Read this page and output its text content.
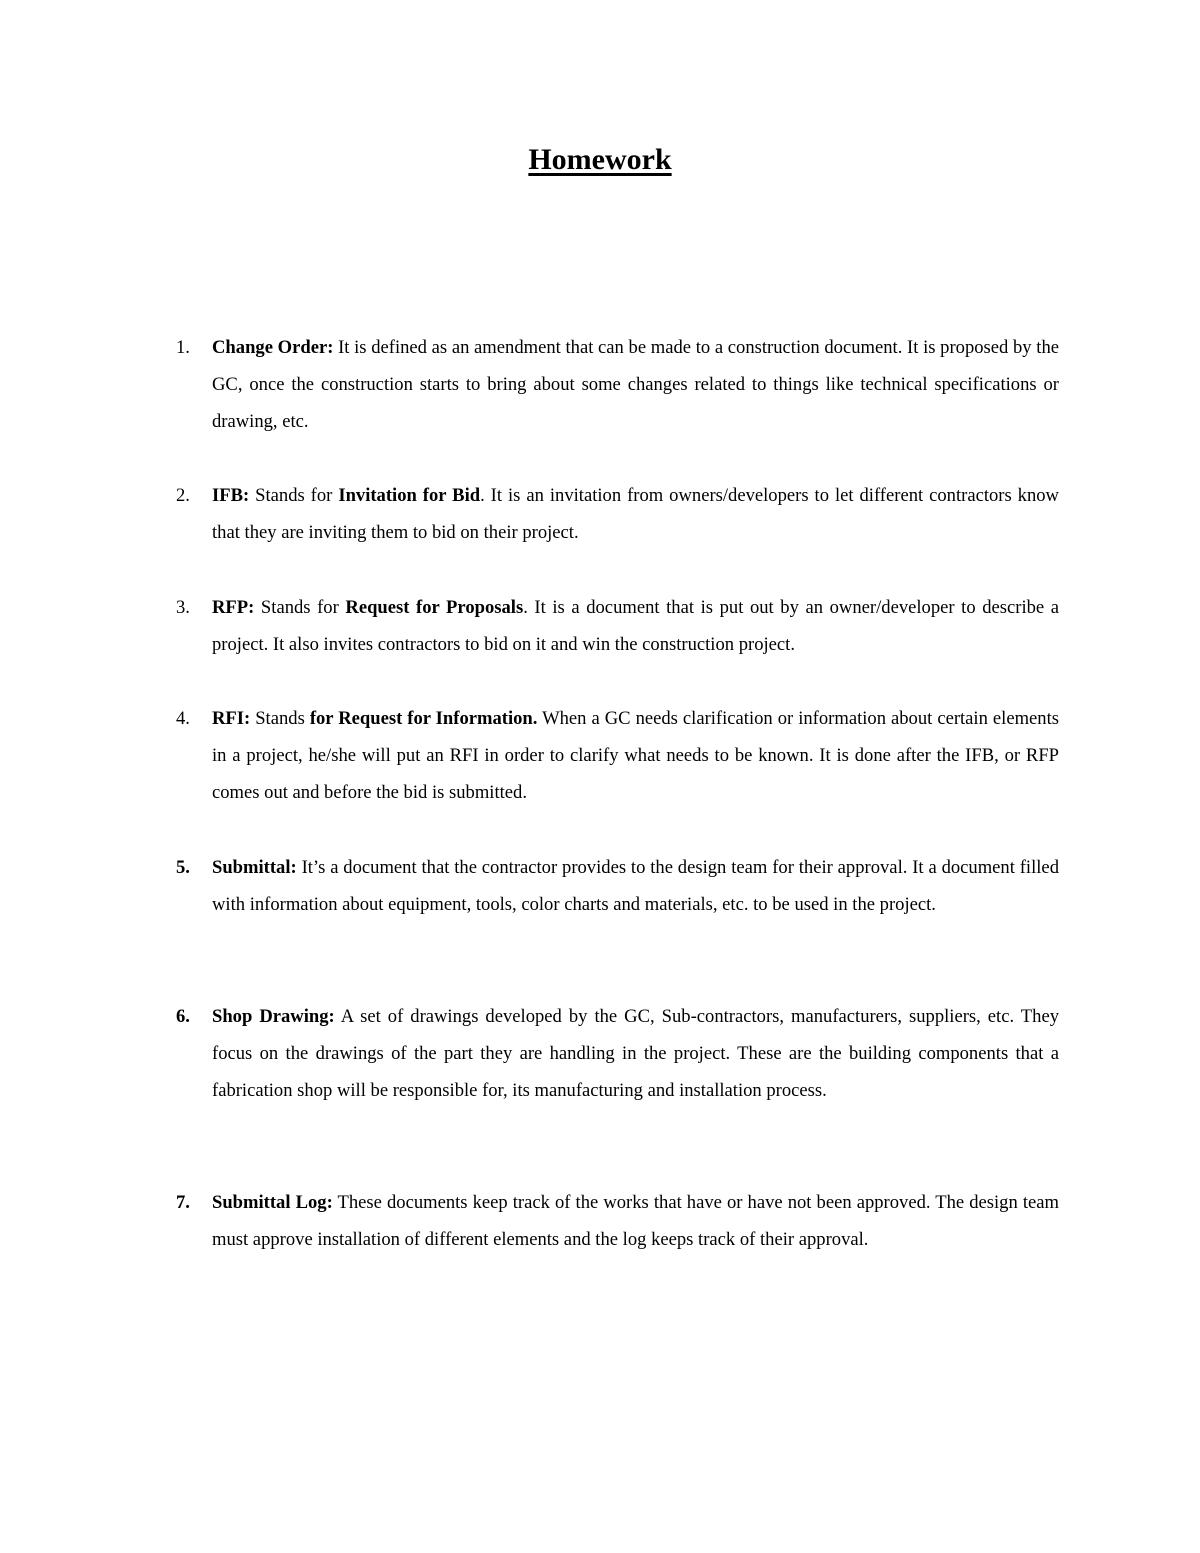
Homework
1.	Change Order: It is defined as an amendment that can be made to a construction document. It is proposed by the GC, once the construction starts to bring about some changes related to things like technical specifications or drawing, etc.
2.	IFB: Stands for Invitation for Bid. It is an invitation from owners/developers to let different contractors know that they are inviting them to bid on their project.
3.	RFP: Stands for Request for Proposals. It is a document that is put out by an owner/developer to describe a project. It also invites contractors to bid on it and win the construction project.
4.	RFI: Stands for Request for Information. When a GC needs clarification or information about certain elements in a project, he/she will put an RFI in order to clarify what needs to be known. It is done after the IFB, or RFP comes out and before the bid is submitted.
5.	Submittal: It’s a document that the contractor provides to the design team for their approval. It a document filled with information about equipment, tools, color charts and materials, etc. to be used in the project.
6.	Shop Drawing: A set of drawings developed by the GC, Sub-contractors, manufacturers, suppliers, etc. They focus on the drawings of the part they are handling in the project. These are the building components that a fabrication shop will be responsible for, its manufacturing and installation process.
7.	Submittal Log: These documents keep track of the works that have or have not been approved. The design team must approve installation of different elements and the log keeps track of their approval.
